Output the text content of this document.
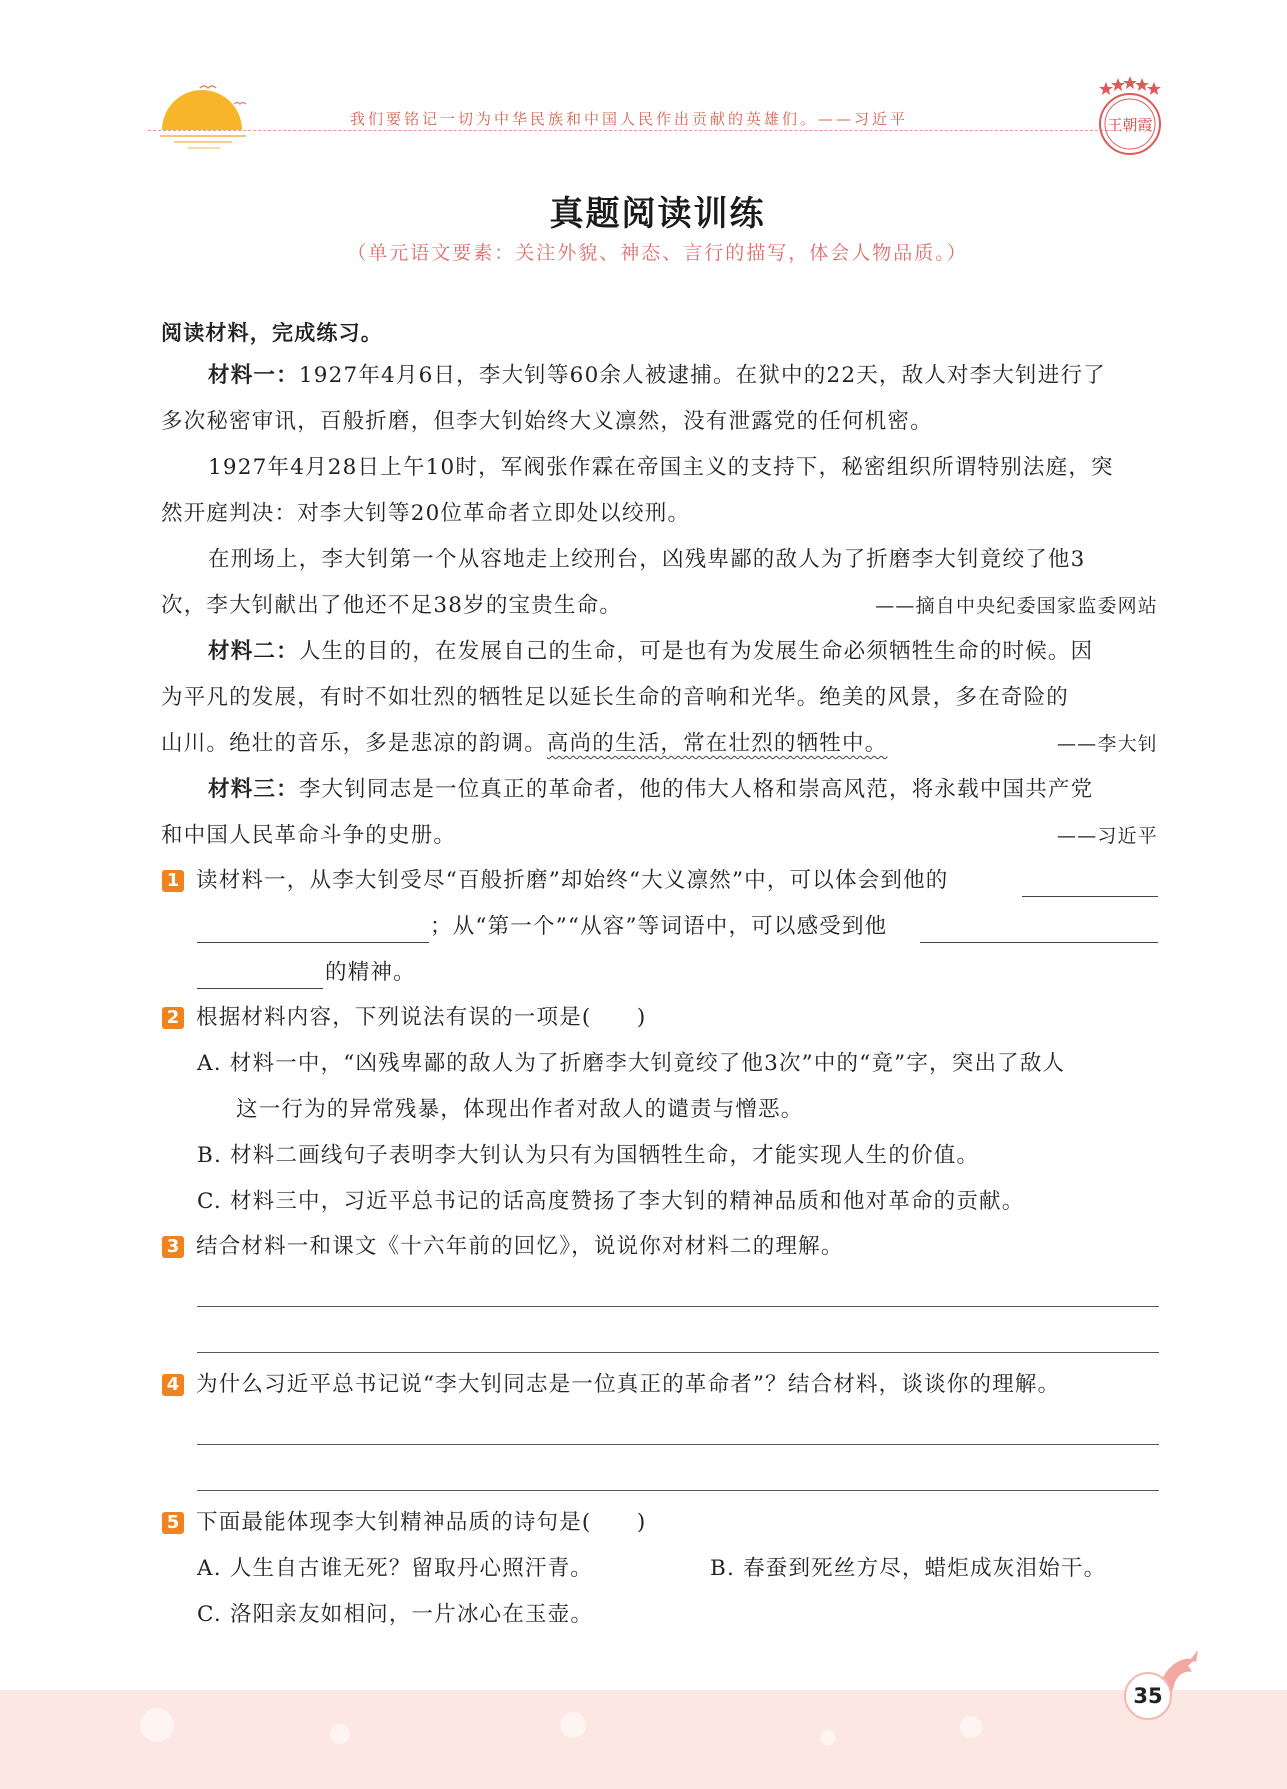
我们要铭记一切为中华民族和中国人民作出贡献的英雄们。——习近平	王朝霞
真题阅读训练
（单元语文要素：关注外貌、神态、言行的描写，体会人物品质。）
阅读材料，完成练习。
材料一：1927年4月6日，李大钊等60余人被逮捕。在狱中的22天，敌人对李大钊进行了
多次秘密审讯，百般折磨，但李大钊始终大义凛然，没有泄露党的任何机密。
1927年4月28日上午10时，军阀张作霖在帝国主义的支持下，秘密组织所谓特别法庭，突
然开庭判决：对李大钊等20位革命者立即处以绞刑。
在刑场上，李大钊第一个从容地走上绞刑台，凶残卑鄙的敌人为了折磨李大钊竟绞了他3
次，李大钊献出了他还不足38岁的宝贵生命。	——摘自中央纪委国家监委网站
材料二：人生的目的，在发展自己的生命，可是也有为发展生命必须牺牲生命的时候。因
为平凡的发展，有时不如壮烈的牺牲足以延长生命的音响和光华。绝美的风景，多在奇险的
山川。绝壮的音乐，多是悲凉的韵调。高尚的生活，常在壮烈的牺牲中。	——李大钊
材料三：李大钊同志是一位真正的革命者，他的伟大人格和崇高风范，将永载中国共产党
和中国人民革命斗争的史册。	——习近平
1 读材料一，从李大钊受尽“百般折磨”却始终“大义凛然”中，可以体会到他的
；从“第一个”“从容”等词语中，可以感受到他
的精神。
2 根据材料内容，下列说法有误的一项是(　　)
A. 材料一中，“凶残卑鄙的敌人为了折磨李大钊竟绞了他3次”中的“竟”字，突出了敌人
这一行为的异常残暴，体现出作者对敌人的谴责与憎恶。
B. 材料二画线句子表明李大钊认为只有为国牺牲生命，才能实现人生的价值。
C. 材料三中，习近平总书记的话高度赞扬了李大钊的精神品质和他对革命的贡献。
3 结合材料一和课文《十六年前的回忆》，说说你对材料二的理解。
4 为什么习近平总书记说“李大钊同志是一位真正的革命者”？结合材料，谈谈你的理解。
5 下面最能体现李大钊精神品质的诗句是(　　)
A. 人生自古谁无死？留取丹心照汗青。	B. 春蚕到死丝方尽，蜡炬成灰泪始干。
C. 洛阳亲友如相问，一片冰心在玉壶。
35
